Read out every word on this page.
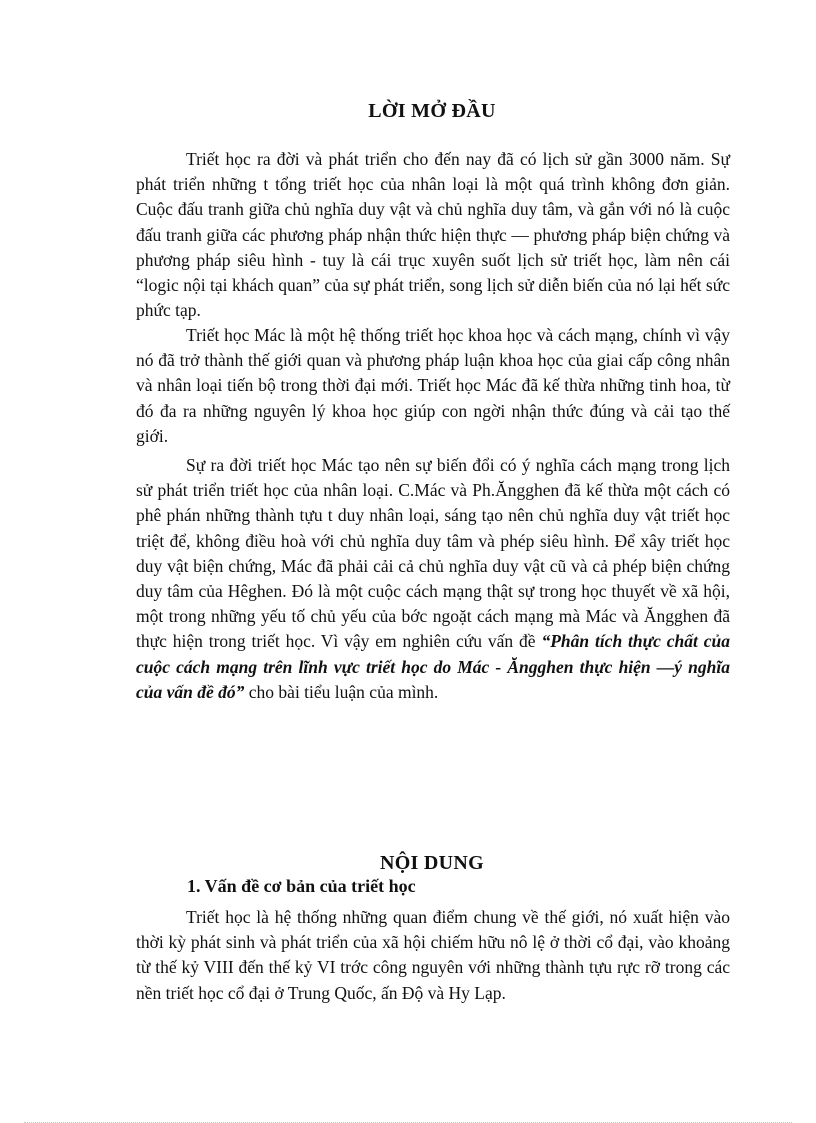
LỜI MỞ ĐẦU

Triết học ra đời và phát triển cho đến nay đã có lịch sử gần 3000 năm. Sự phát triển những t tổng triết học của nhân loại là một quá trình không đơn giản. Cuộc đấu tranh giữa chủ nghĩa duy vật và chủ nghĩa duy tâm, và gắn với nó là cuộc đấu tranh giữa các phương pháp nhận thức hiện thực — phương pháp biện chứng và phương pháp siêu hình - tuy là cái trục xuyên suốt lịch sử triết học, làm nên cái “logic nội tại khách quan” của sự phát triển, song lịch sử diễn biến của nó lại hết sức phức tạp.

Triết học Mác là một hệ thống triết học khoa học và cách mạng, chính vì vậy nó đã trở thành thế giới quan và phương pháp luận khoa học của giai cấp công nhân và nhân loại tiến bộ trong thời đại mới. Triết học Mác đã kế thừa những tinh hoa, từ đó đa ra những nguyên lý khoa học giúp con ngời nhận thức đúng và cải tạo thế giới.

Sự ra đời triết học Mác tạo nên sự biến đổi có ý nghĩa cách mạng trong lịch sử phát triển triết học của nhân loại. C.Mác và Ph.Ăngghen đã kế thừa một cách có phê phán những thành tựu t duy nhân loại, sáng tạo nên chủ nghĩa duy vật triết học triệt để, không điều hoà với chủ nghĩa duy tâm và phép siêu hình. Để xây triết học duy vật biện chứng, Mác đã phải cải cả chủ nghĩa duy vật cũ và cả phép biện chứng duy tâm của Hêghen. Đó là một cuộc cách mạng thật sự trong học thuyết về xã hội, một trong những yếu tố chủ yếu của bớc ngoặt cách mạng mà Mác và Ăngghen đã thực hiện trong triết học. Vì vậy em nghiên cứu vấn đề “Phân tích thực chất của cuộc cách mạng trên lĩnh vực triết học do Mác - Ăngghen thực hiện —ý nghĩa của vấn đề đó” cho bài tiểu luận của mình.

NỘI DUNG
1. Vấn đề cơ bản của triết học

Triết học là hệ thống những quan điểm chung về thế giới, nó xuất hiện vào thời kỳ phát sinh và phát triển của xã hội chiếm hữu nô lệ ở thời cổ đại, vào khoảng từ thế kỷ VIII đến thế kỷ VI trớc công nguyên với những thành tựu rực rỡ trong các nền triết học cổ đại ở Trung Quốc, ấn Độ và Hy Lạp.
